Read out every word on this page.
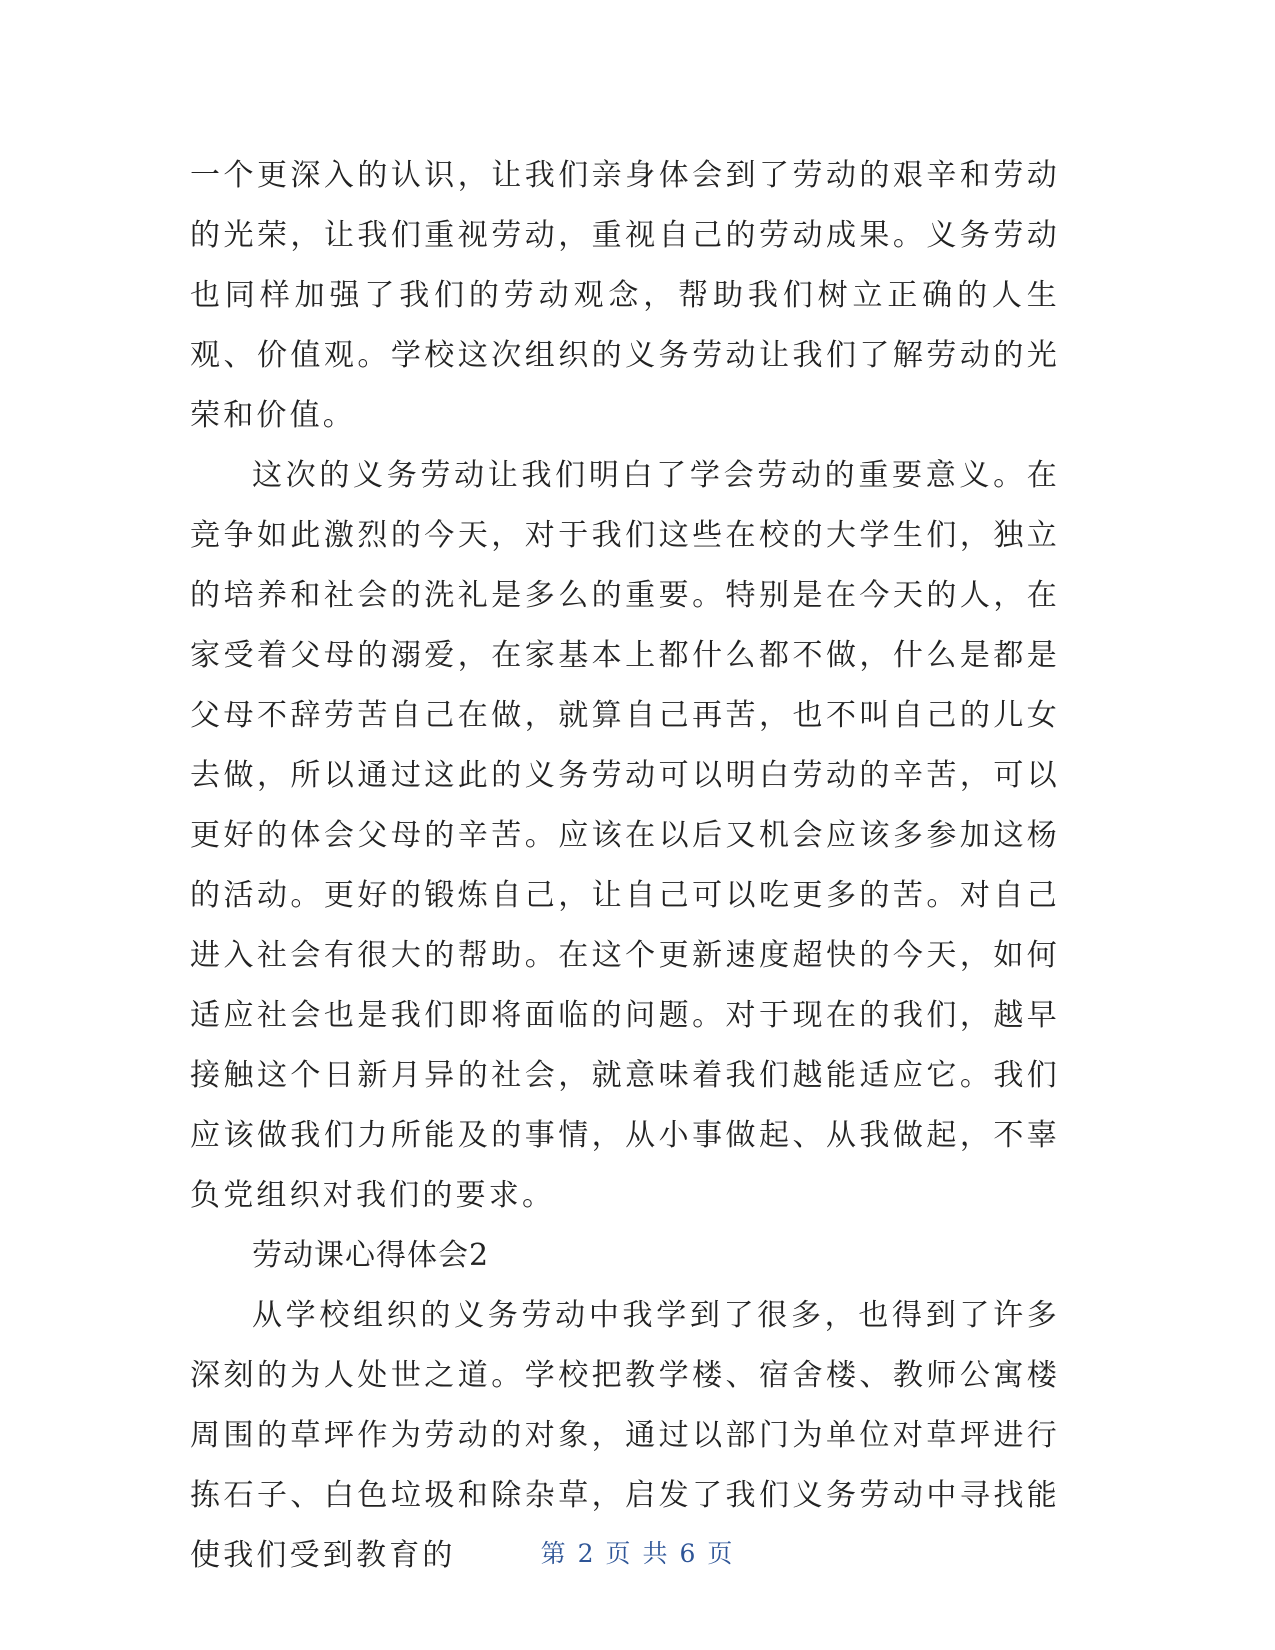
一个更深入的认识，让我们亲身体会到了劳动的艰辛和劳动的光荣，让我们重视劳动，重视自己的劳动成果。义务劳动也同样加强了我们的劳动观念，帮助我们树立正确的人生观、价值观。学校这次组织的义务劳动让我们了解劳动的光荣和价值。

这次的义务劳动让我们明白了学会劳动的重要意义。在竞争如此激烈的今天，对于我们这些在校的大学生们，独立的培养和社会的洗礼是多么的重要。特别是在今天的人，在家受着父母的溺爱，在家基本上都什么都不做，什么是都是父母不辞劳苦自己在做，就算自己再苦，也不叫自己的儿女去做，所以通过这此的义务劳动可以明白劳动的辛苦，可以更好的体会父母的辛苦。应该在以后又机会应该多参加这杨的活动。更好的锻炼自己，让自己可以吃更多的苦。对自己进入社会有很大的帮助。在这个更新速度超快的今天，如何适应社会也是我们即将面临的问题。对于现在的我们，越早接触这个日新月异的社会，就意味着我们越能适应它。我们应该做我们力所能及的事情，从小事做起、从我做起，不辜负党组织对我们的要求。

劳动课心得体会2

从学校组织的义务劳动中我学到了很多，也得到了许多深刻的为人处世之道。学校把教学楼、宿舍楼、教师公寓楼周围的草坪作为劳动的对象，通过以部门为单位对草坪进行拣石子、白色垃圾和除杂草，启发了我们义务劳动中寻找能使我们受到教育的	第 2 页 共 6 页
